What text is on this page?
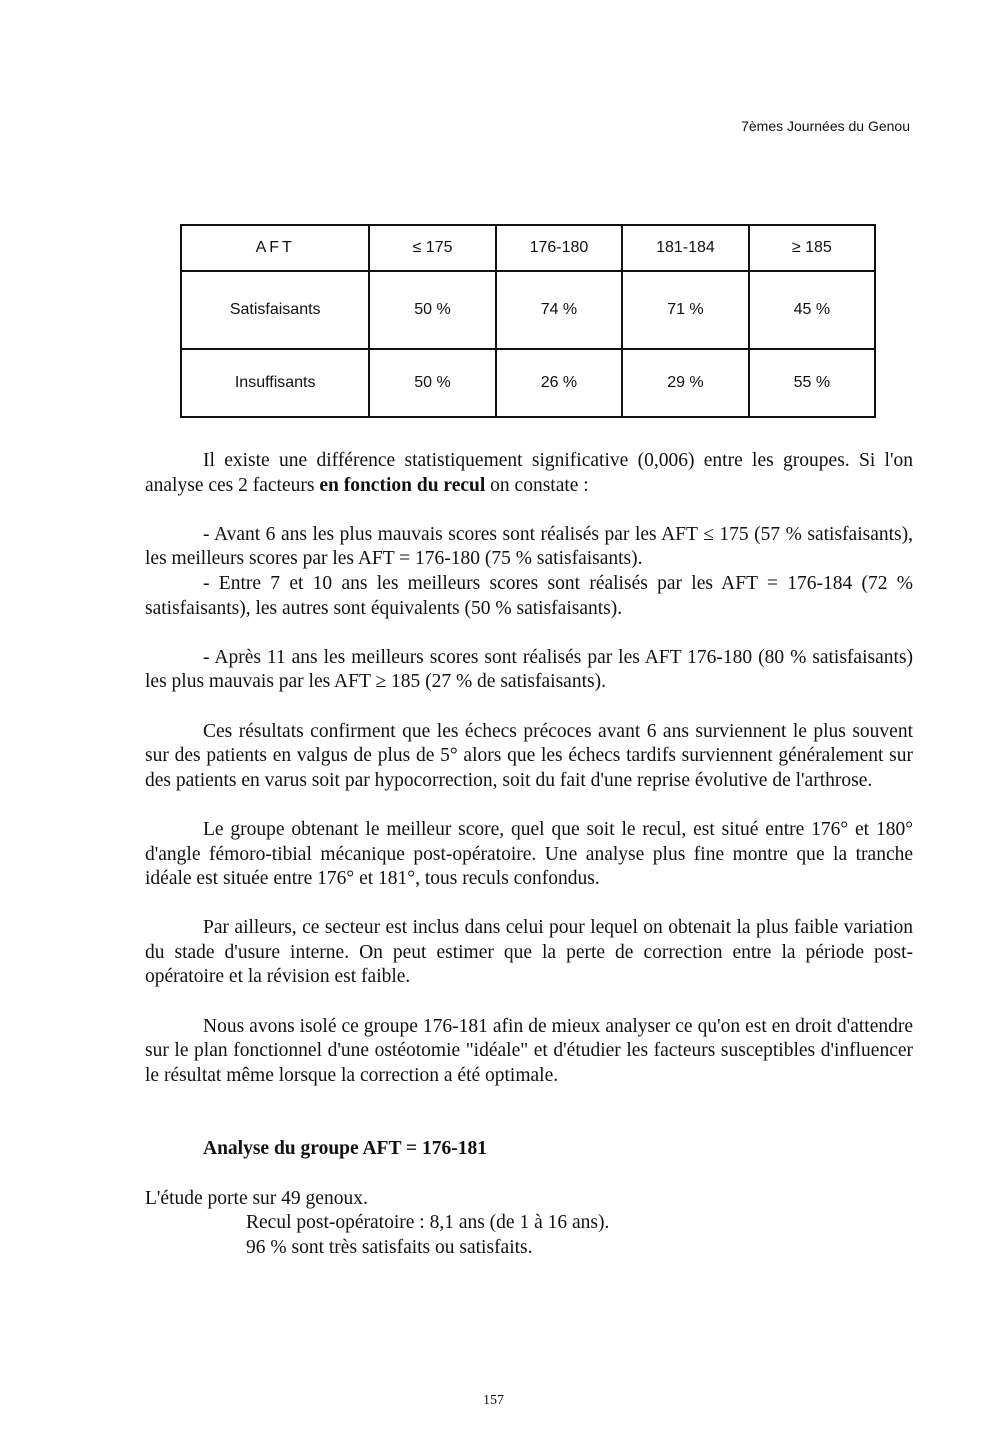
7èmes Journées du Genou
AFT	≤ 175	176-180	181-184	≥ 185
Satisfaisants	50 %	74 %	71 %	45 %
Insuffisants	50 %	26 %	29 %	55 %

Il existe une différence statistiquement significative (0,006) entre les groupes. Si l'on analyse ces 2 facteurs en fonction du recul on constate :

- Avant 6 ans les plus mauvais scores sont réalisés par les AFT ≤ 175 (57 % satisfaisants), les meilleurs scores par les AFT = 176-180 (75 % satisfaisants).

- Entre 7 et 10 ans les meilleurs scores sont réalisés par les AFT = 176-184 (72 % satisfaisants), les autres sont équivalents (50 % satisfaisants).

- Après 11 ans les meilleurs scores sont réalisés par les AFT 176-180 (80 % satisfaisants) les plus mauvais par les AFT ≥ 185 (27 % de satisfaisants).

Ces résultats confirment que les échecs précoces avant 6 ans surviennent le plus souvent sur des patients en valgus de plus de 5° alors que les échecs tardifs surviennent généralement sur des patients en varus soit par hypocorrection, soit du fait d'une reprise évolutive de l'arthrose.

Le groupe obtenant le meilleur score, quel que soit le recul, est situé entre 176° et 180° d'angle fémoro-tibial mécanique post-opératoire. Une analyse plus fine montre que la tranche idéale est située entre 176° et 181°, tous reculs confondus.

Par ailleurs, ce secteur est inclus dans celui pour lequel on obtenait la plus faible variation du stade d'usure interne. On peut estimer que la perte de correction entre la période post-opératoire et la révision est faible.

Nous avons isolé ce groupe 176-181 afin de mieux analyser ce qu'on est en droit d'attendre sur le plan fonctionnel d'une ostéotomie "idéale" et d'étudier les facteurs susceptibles d'influencer le résultat même lorsque la correction a été optimale.

Analyse du groupe AFT = 176-181

L'étude porte sur 49 genoux.

Recul post-opératoire : 8,1 ans (de 1 à 16 ans).

96 % sont très satisfaits ou satisfaits.

157
